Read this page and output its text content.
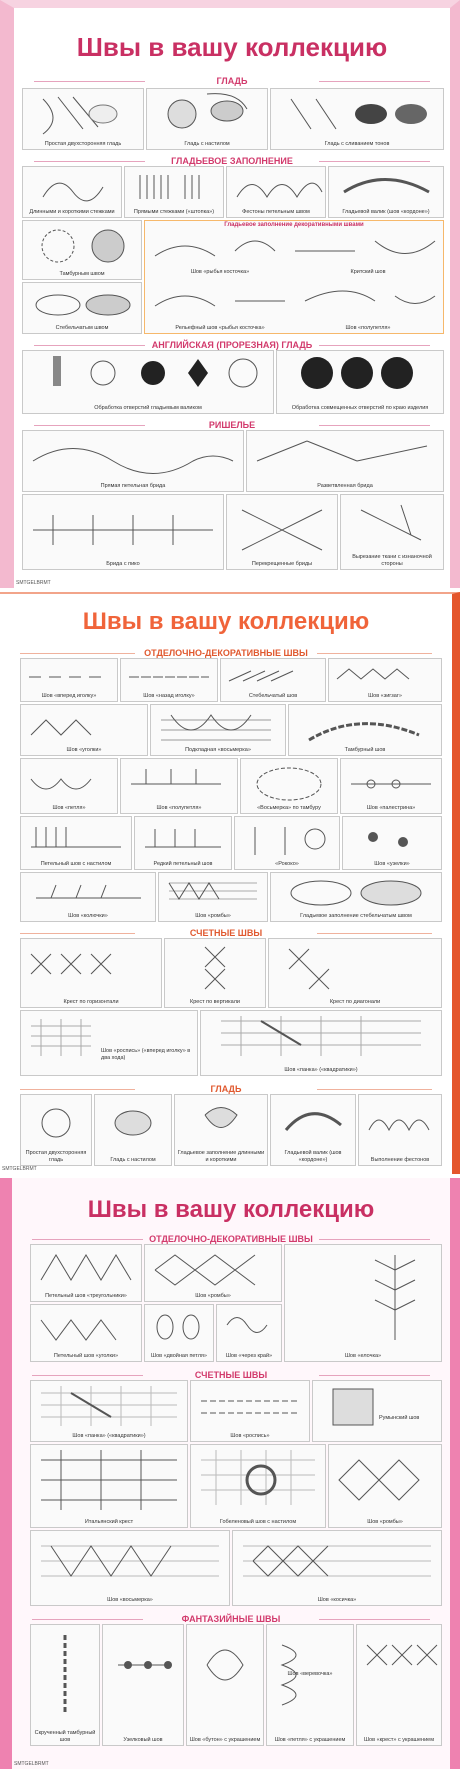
Швы в вашу коллекцию
ГЛАДЬ
Простая двухсторонняя гладь	Гладь с настилом	Гладь с сливанием тонов
ГЛАДЬЕВОЕ ЗАПОЛНЕНИЕ
Длинными и короткими стежками	Прямыми стежками («штопка»)	Фестоны петельным швом	Гладьевой валик (шов «кордоне»)
Тамбурным швом
Стебельчатым швом
Гладьевое заполнение декоративными швами
Шов «рыбья косточка»	Критский шов
Рельефный шов «рыбья косточка»	Шов «полупетля»
АНГЛИЙСКАЯ (ПРОРЕЗНАЯ) ГЛАДЬ
Обработка отверстий гладьевым валиком	Обработка совмещенных отверстий по краю изделия
РИШЕЛЬЕ
Прямая петельная брида	Разветвленная брида
Брида с пико	Перекрещенные бриды
Вырезание ткани с изнаночной стороны
SMTGELBRMT
Швы в вашу коллекцию
ОТДЕЛОЧНО-ДЕКОРАТИВНЫЕ ШВЫ
Шов «вперед иголку»	Шов «назад иголку»	Стебельчатый шов	Шов «зигзаг»
Шов «уголки»	Подкладная «восьмерка»	Тамбурный шов
Шов «петля»	Шов «полупетля»	«Восьмерка» по тамбуру	Шов «палестрина»
Петельный шов с настилом	Редкий петельный шов	«Рококо»	Шов «узелки»
Шов «колючки»	Шов «ромбы»	Гладьевое заполнение стебельчатым швом
СЧЕТНЫЕ ШВЫ
Крест по горизонтали	Крест по вертикали	Крест по диагонали
Шов «роспись» («вперед иголку» в два хода)
Шов «панка» («квадратики»)
ГЛАДЬ
Простая двухсторонняя гладь	Гладь с настилом
Гладьевое заполнение длинными и короткими
Гладьевой валик (шов «кордоне»)	Выполнение фестонов
SMTGELBRMT
Швы в вашу коллекцию
ОТДЕЛОЧНО-ДЕКОРАТИВНЫЕ ШВЫ
Петельный шов «треугольники»	Шов «ромбы»
Шов «елочка»
Петельный шов «уголки»	Шов «двойная петля»	Шов «через край»
СЧЕТНЫЕ ШВЫ
Шов «панка» («квадратики»)	Шов «роспись»
Румынский шов
Итальянский крест	Гобеленовый шов с настилом	Шов «ромбы»
Шов «восьмерка»	Шов «косичка»
ФАНТАЗИЙНЫЕ ШВЫ
Скрученный тамбурный шов	Узелковый шов	Шов «бутон» с украшением
Шов «веревочка»
Шов «петля» с украшением	Шов «крест» с украшением
SMTGELBRMT
